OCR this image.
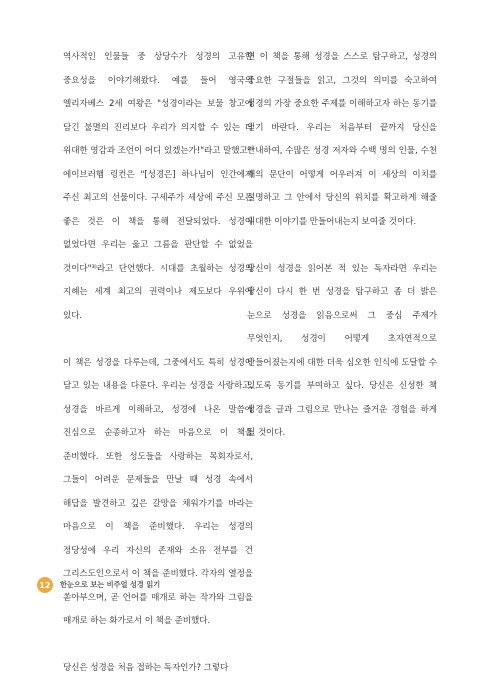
역사적인 인물들 중 상당수가 성경의 고유한 중요성을 이야기해왔다. 예를 들어 영국의 엘리자베스 2세 여왕은 "성경이라는 보물 창고에 담긴 불멸의 진리보다 우리가 의지할 수 있는 더 위대한 영감과 조언이 어디 있겠는가!"라고 말했고²⁾ 에이브러햄 링컨은 "[성경은] 하나님이 인간에게 주신 최고의 선물이다. 구세주가 세상에 주신 모든 좋은 것은 이 책을 통해 전달되었다. 성경이 없었다면 우리는 옳고 그름을 판단할 수 없었을 것이다"³⁾라고 단언했다. 시대를 초월하는 성경의 지혜는 세계 최고의 권력이나 제도보다 우위에 있다.

이 책은 성경을 다루는데, 그중에서도 특히 성경이 담고 있는 내용을 다룬다. 우리는 성경을 사랑하고, 성경을 바르게 이해하고, 성경에 나온 말씀에 진심으로 순종하고자 하는 마음으로 이 책을 준비했다. 또한 성도들을 사랑하는 목회자로서, 그들이 어려운 문제들을 만날 때 성경 속에서 해답을 발견하고 깊은 갈망을 채워가기를 바라는 마음으로 이 책을 준비했다. 우리는 성경의 정당성에 우리 자신의 존재와 소유 전부를 건 그리스도인으로서 이 책을 준비했다. 각자의 열정을 쏟아부으며, 곧 언어를 매개로 하는 작가와 그림을 매개로 하는 화가로서 이 책을 준비했다.

당신은 성경을 처음 접하는 독자인가? 그렇다

면 이 책을 통해 성경을 스스로 탐구하고, 성경의 중요한 구절들을 읽고, 그것의 의미를 숙고하여 성경의 가장 중요한 주제를 이해하고자 하는 동기를 얻기 바란다. 우리는 처음부터 끝까지 당신을 안내하여, 수많은 성경 저자와 수백 명의 인물, 수천 개의 문단이 어떻게 어우러져 이 세상의 이치를 설명하고 그 안에서 당신의 위치를 확고하게 해줄 위대한 이야기를 만들어내는지 보여줄 것이다.

당신이 성경을 읽어본 적 있는 독자라면 우리는 당신이 다시 한 번 성경을 탐구하고 좀 더 밝은 눈으로 성경을 읽음으로써 그 중심 주제가 무엇인지, 성경이 어떻게 초자연적으로 만들어졌는지에 대한 더욱 심오한 인식에 도달할 수 있도록 동기를 부여하고 싶다. 당신은 신성한 책 성경을 글과 그림으로 만나는 즐거운 경험을 하게 될 것이다.

12	한눈으로 보는 비주얼 성경 읽기
